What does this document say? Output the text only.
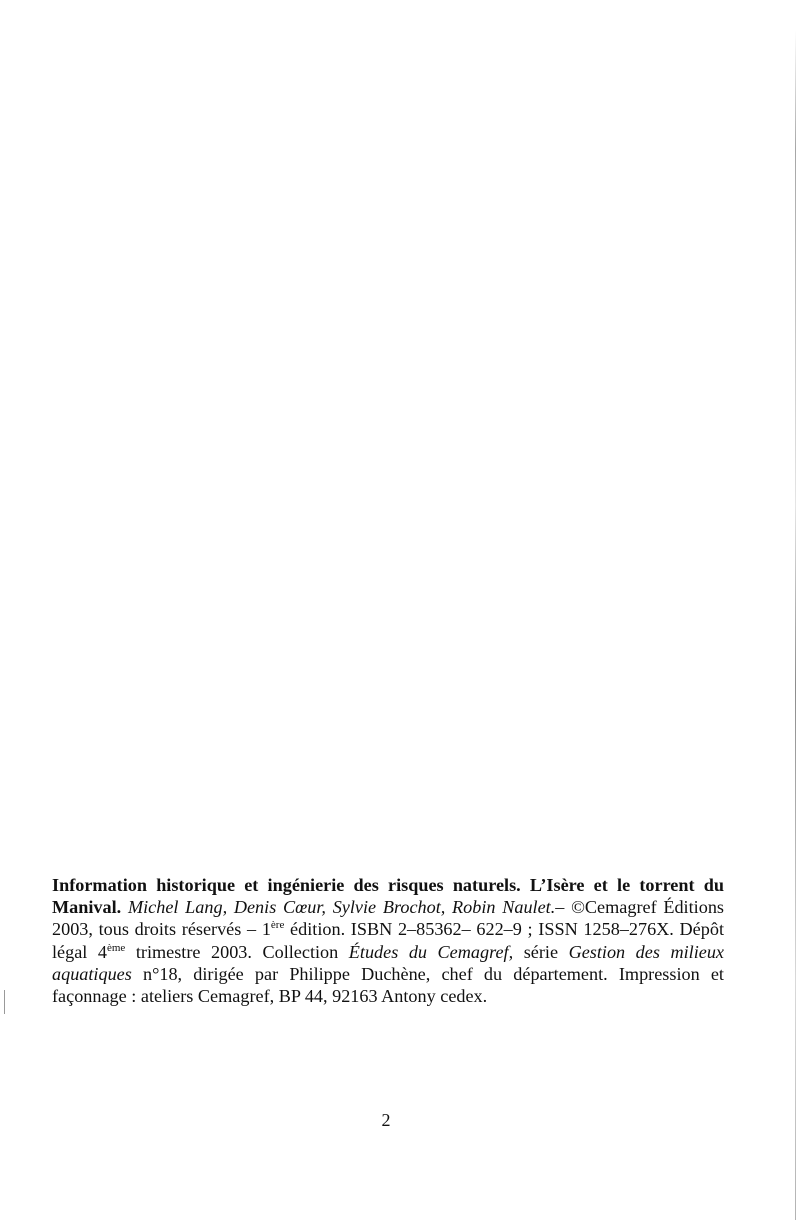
Information historique et ingénierie des risques naturels. L’Isère et le torrent du Manival. Michel Lang, Denis Cœur, Sylvie Brochot, Robin Naulet.– ©Cemagref Éditions 2003, tous droits réservés – 1ère édition. ISBN 2–85362– 622–9 ; ISSN 1258–276X. Dépôt légal 4ème trimestre 2003. Collection Études du Cemagref, série Gestion des milieux aquatiques n°18, dirigée par Philippe Duchène, chef du département. Impression et façonnage : ateliers Cemagref, BP 44, 92163 Antony cedex.

2
